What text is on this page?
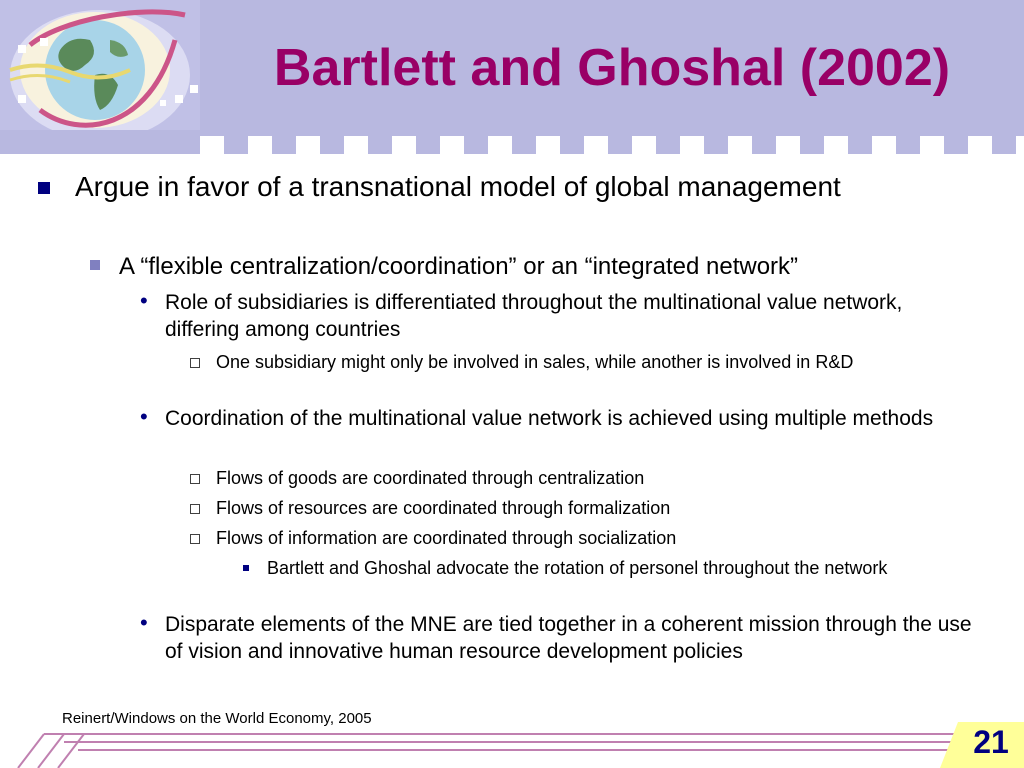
Bartlett and Ghoshal (2002)
Argue in favor of a transnational model of global management
A “flexible centralization/coordination” or an “integrated network”
• Role of subsidiaries is differentiated throughout the multinational value network, differing among countries
One subsidiary might only be involved in sales, while another is involved in R&D
• Coordination of the multinational value network is achieved using multiple methods
Flows of goods are coordinated through centralization
Flows of resources are coordinated through formalization
Flows of information are coordinated through socialization
Bartlett and Ghoshal advocate the rotation of personel throughout the network
• Disparate elements of the MNE are tied together in a coherent mission through the use of vision and innovative human resource development policies
Reinert/Windows on the World Economy, 2005
21
